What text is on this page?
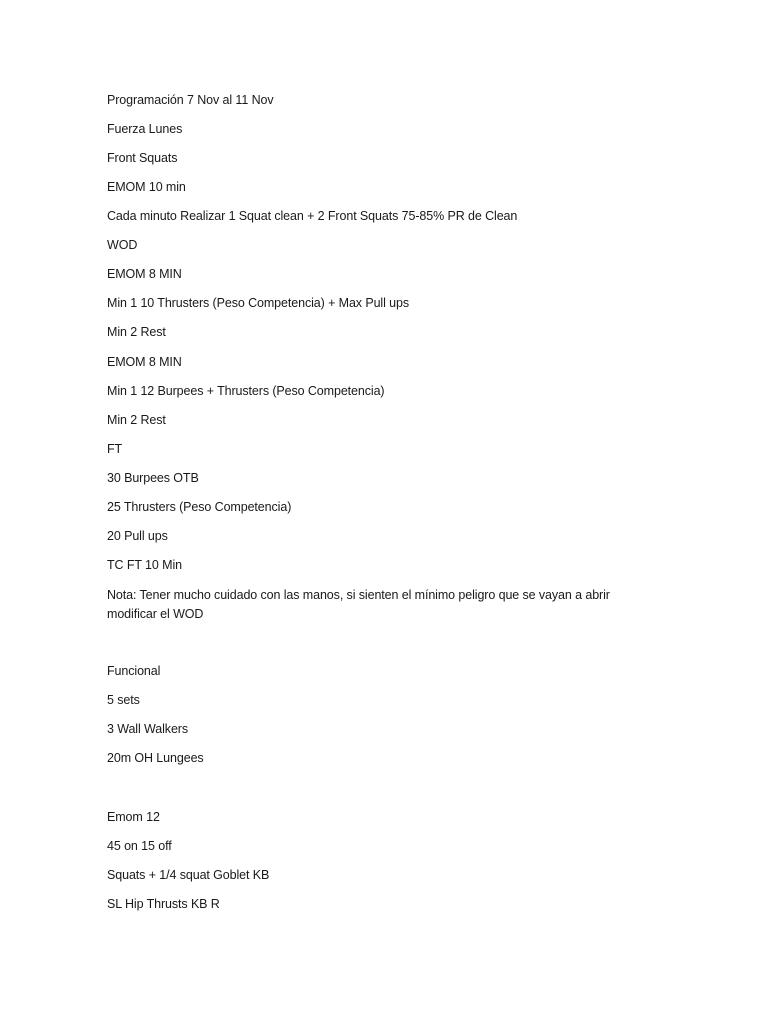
Programación 7 Nov al 11 Nov
Fuerza Lunes
Front Squats
EMOM 10 min
Cada minuto Realizar 1 Squat clean + 2 Front Squats 75-85% PR de Clean
WOD
EMOM 8 MIN
Min 1 10 Thrusters (Peso Competencia) + Max Pull ups
Min 2 Rest
EMOM 8 MIN
Min 1 12 Burpees + Thrusters (Peso Competencia)
Min 2 Rest
FT
30 Burpees OTB
25 Thrusters (Peso Competencia)
20 Pull ups
TC FT 10 Min
Nota: Tener mucho cuidado con las manos, si sienten el mínimo peligro que se vayan a abrir modificar el WOD
Funcional
5 sets
3 Wall Walkers
20m OH Lungees
Emom 12
45 on 15 off
Squats + 1/4 squat Goblet KB
SL Hip Thrusts KB R
